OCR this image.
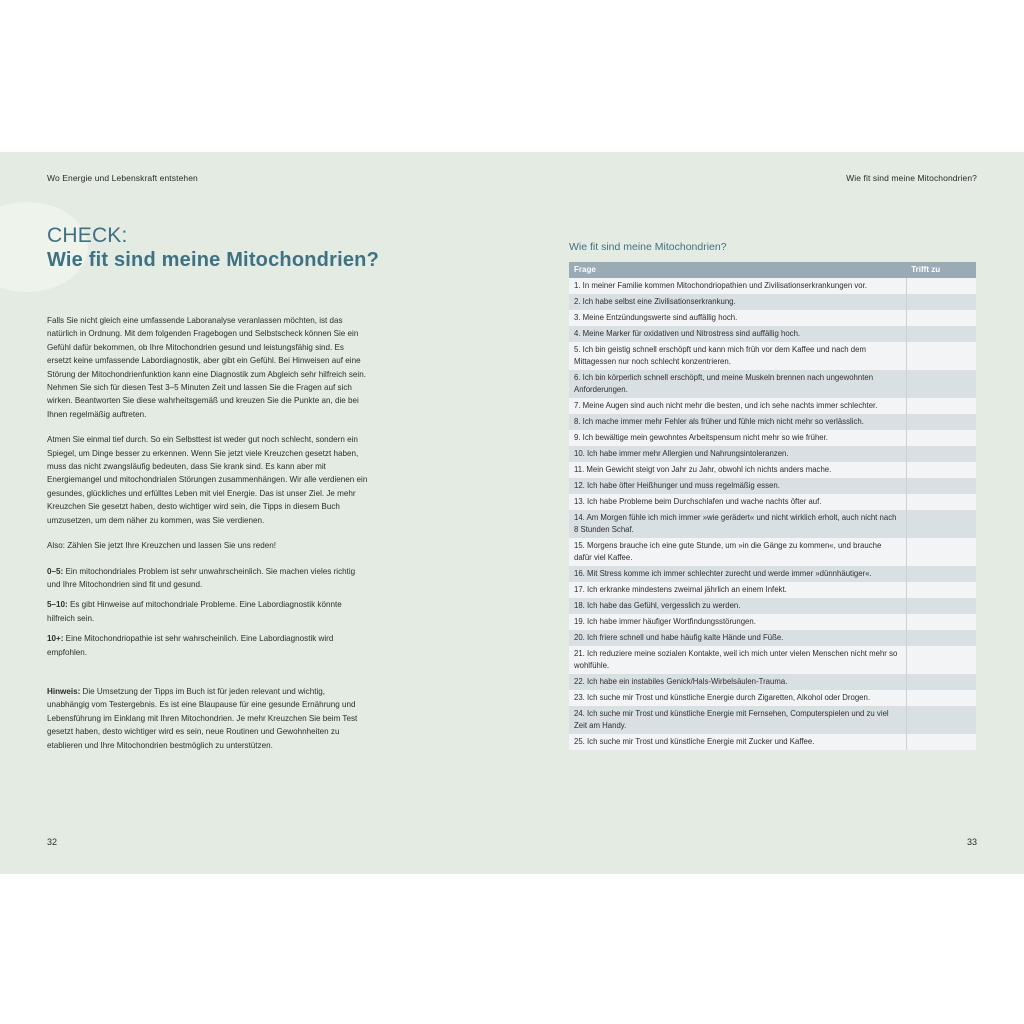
Wo Energie und Lebenskraft entstehen
CHECK:
Wie fit sind meine Mitochondrien?

Falls Sie nicht gleich eine umfassende Laboranalyse veranlassen möchten, ist das natürlich in Ordnung. Mit dem folgenden Fragebogen und Selbstscheck können Sie ein Gefühl dafür bekommen, ob Ihre Mitochondrien gesund und leistungsfähig sind. Es ersetzt keine umfassende Labordiagnostik, aber gibt ein Gefühl. Bei Hinweisen auf eine Störung der Mitochondrienfunktion kann eine Diagnostik zum Abgleich sehr hilfreich sein. Nehmen Sie sich für diesen Test 3–5 Minuten Zeit und lassen Sie die Fragen auf sich wirken. Beantworten Sie diese wahrheitsgemäß und kreuzen Sie die Punkte an, die bei Ihnen regelmäßig auftreten.

Atmen Sie einmal tief durch. So ein Selbsttest ist weder gut noch schlecht, sondern ein Spiegel, um Dinge besser zu erkennen. Wenn Sie jetzt viele Kreuzchen gesetzt haben, muss das nicht zwangsläufig bedeuten, dass Sie krank sind. Es kann aber mit Energiemangel und mitochondrialen Störungen zusammenhängen. Wir alle verdienen ein gesundes, glückliches und erfülltes Leben mit viel Energie. Das ist unser Ziel. Je mehr Kreuzchen Sie gesetzt haben, desto wichtiger wird sein, die Tipps in diesem Buch umzusetzen, um dem näher zu kommen, was Sie verdienen.

Also: Zählen Sie jetzt Ihre Kreuzchen und lassen Sie uns reden!

0–5: Ein mitochondriales Problem ist sehr unwahrscheinlich. Sie machen vieles richtig und Ihre Mitochondrien sind fit und gesund.

5–10: Es gibt Hinweise auf mitochondriale Probleme. Eine Labordiagnostik könnte hilfreich sein.

10+: Eine Mitochondriopathie ist sehr wahrscheinlich. Eine Labordiagnostik wird empfohlen.

Hinweis: Die Umsetzung der Tipps im Buch ist für jeden relevant und wichtig, unabhängig vom Testergebnis. Es ist eine Blaupause für eine gesunde Ernährung und Lebensführung im Einklang mit Ihren Mitochondrien. Je mehr Kreuzchen Sie beim Test gesetzt haben, desto wichtiger wird es sein, neue Routinen und Gewohnheiten zu etablieren und Ihre Mitochondrien bestmöglich zu unterstützen.

32
Wie fit sind meine Mitochondrien?
Wie fit sind meine Mitochondrien?
Frage	Trifft zu
1. In meiner Familie kommen Mitochondriopathien und Zivilisationserkrankungen vor.	
2. Ich habe selbst eine Zivilisationserkrankung.	
3. Meine Entzündungswerte sind auffällig hoch.	
4. Meine Marker für oxidativen und Nitrostress sind auffällig hoch.	
5. Ich bin geistig schnell erschöpft und kann mich früh vor dem Kaffee und nach dem Mittagessen nur noch schlecht konzentrieren.	
6. Ich bin körperlich schnell erschöpft, und meine Muskeln brennen nach ungewohnten Anforderungen.	
7. Meine Augen sind auch nicht mehr die besten, und ich sehe nachts immer schlechter.	
8. Ich mache immer mehr Fehler als früher und fühle mich nicht mehr so verlässlich.	
9. Ich bewältige mein gewohntes Arbeitspensum nicht mehr so wie früher.	
10. Ich habe immer mehr Allergien und Nahrungsintoleranzen.	
11. Mein Gewicht steigt von Jahr zu Jahr, obwohl ich nichts anders mache.	
12. Ich habe öfter Heißhunger und muss regelmäßig essen.	
13. Ich habe Probleme beim Durchschlafen und wache nachts öfter auf.	
14. Am Morgen fühle ich mich immer »wie gerädert« und nicht wirklich erholt, auch nicht nach 8 Stunden Schaf.	
15. Morgens brauche ich eine gute Stunde, um »in die Gänge zu kommen«, und brauche dafür viel Kaffee.	
16. Mit Stress komme ich immer schlechter zurecht und werde immer »dünnhäutiger«.	
17. Ich erkranke mindestens zweimal jährlich an einem Infekt.	
18. Ich habe das Gefühl, vergesslich zu werden.	
19. Ich habe immer häufiger Wortfindungsstörungen.	
20. Ich friere schnell und habe häufig kalte Hände und Füße.	
21. Ich reduziere meine sozialen Kontakte, weil ich mich unter vielen Menschen nicht mehr so wohlfühle.	
22. Ich habe ein instabiles Genick/Hals-Wirbelsäulen-Trauma.	
23. Ich suche mir Trost und künstliche Energie durch Zigaretten, Alkohol oder Drogen.	
24. Ich suche mir Trost und künstliche Energie mit Fernsehen, Computerspielen und zu viel Zeit am Handy.	
25. Ich suche mir Trost und künstliche Energie mit Zucker und Kaffee.	
33
